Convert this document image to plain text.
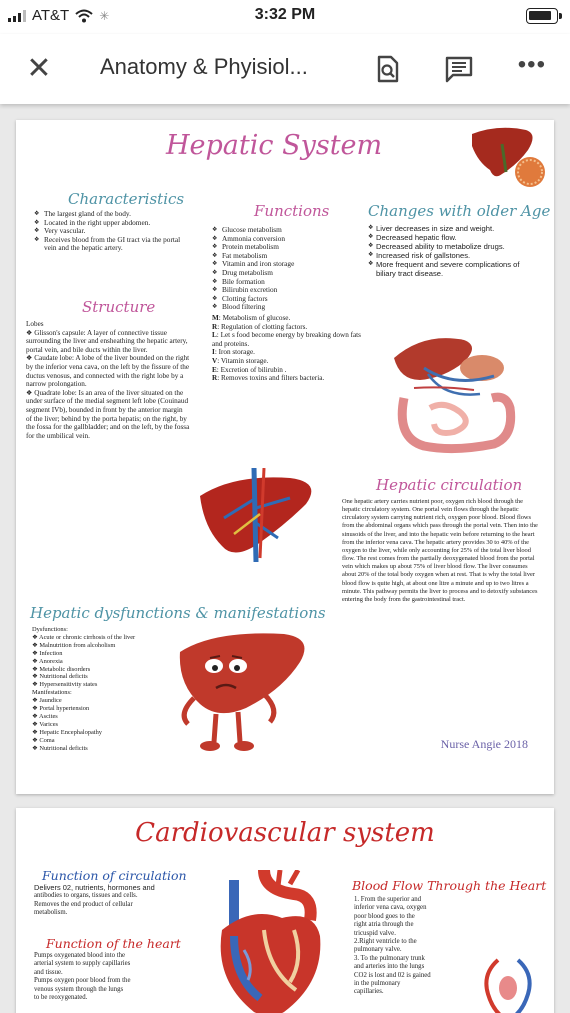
AT&T	✳	3:32 PM
✕ Anatomy & Phyisiol...	•••
Hepatic System
Characteristics
❖ The largest gland of the body.
❖ Located in the right upper abdomen.
❖ Very vascular.
❖ Receives blood from the GI tract via the portal vein and the hepatic artery.
Structure

Lobes

❖ Glisson's capsule: A layer of connective tissue surrounding the liver and ensheathing the hepatic artery, portal vein, and bile ducts within the liver.

❖ Caudate lobe: A lobe of the liver bounded on the right by the inferior vena cava, on the left by the fissure of the ductus venosus, and connected with the right lobe by a narrow prolongation.

❖ Quadrate lobe: Is an area of the liver situated on the under surface of the medial segment left lobe (Couinaud segment IVb), bounded in front by the anterior margin of the liver; behind by the porta hepatis; on the right, by the fossa for the gallbladder; and on the left, by the fossa for the umbilical vein.

Functions
❖ Glucose metabolism
❖ Ammonia conversion
❖ Protein metabolism
❖ Fat metabolism
❖ Vitamin and iron storage
❖ Drug metabolism
❖ Bile formation
❖ Bilirubin excretion
❖ Clotting factors
❖ Blood filtering

M: Metabolism of glucose.

R: Regulation of clotting factors.

L: Let s food become energy by breaking down fats and proteins.

I: Iron storage.

V: Vitamin storage.

E: Excretion of bilirubin .

R: Removes toxins and filters bacteria.

Changes with older Age
❖ Liver decreases in size and weight.
❖ Decreased hepatic flow.
❖ Decreased ability to metabolize drugs.
❖ Increased risk of gallstones.
❖ More frequent and severe complications of biliary tract disease.
Hepatic circulation
One hepatic artery carries nutrient poor, oxygen rich blood through the hepatic circulatory system. One portal vein flows through the hepatic circulatory system carrying nutrient rich, oxygen poor blood. Blood flows from the abdominal organs which pass through the portal vein. Then into the sinusoids of the liver, and into the hepatic vein before returning to the heart from the inferior vena cava. The hepatic artery provides 30 to 40% of the oxygen to the liver, while only accounting for 25% of the total liver blood flow. The rest comes from the partially deoxygenated blood from the portal vein which makes up about 75% of liver blood flow. The liver consumes about 20% of the total body oxygen when at rest. That is why the total liver blood flow is quite high, at about one litre a minute and up to two litres a minute. This pathway permits the liver to process and to detoxify substances entering the body from the gastrointestinal tract.
Hepatic dysfunctions & manifestations

Dysfunctions:

❖ Acute or chronic cirrhosis of the liver

❖ Malnutrition from alcoholism

❖ Infection

❖ Anorexia

❖ Metabolic disorders

❖ Nutritional deficits

❖ Hypersensitivity states

Manifestations:

❖ Jaundice

❖ Portal hypertension

❖ Ascites

❖ Varices

❖ Hepatic Encephalopathy

❖ Coma

❖ Nutritional deficits	Nurse Angie 2018
Cardiovascular system
Function of circulation

Delivers 02, nutrients, hormones and

antibodies to organs, tissues and cells.

Removes the end product of cellular

metabolism.

Function of the heart

Pumps oxygenated blood into the

arterial system to supply capillaries

and tissue.

Pumps oxygen poor blood from the

venous system through the lungs

to be reoxygenated.

Blood Flow Through the Heart

1. From the superior and

inferior vena cava, oxygen

poor blood goes to the

right atria through the

tricuspid valve.

2.Right ventricle to the

pulmonary valve.

3. To the pulmonary trunk

and arteries into the lungs

CO2 is lost and 02 is gained

in the pulmonary

capillaries.
